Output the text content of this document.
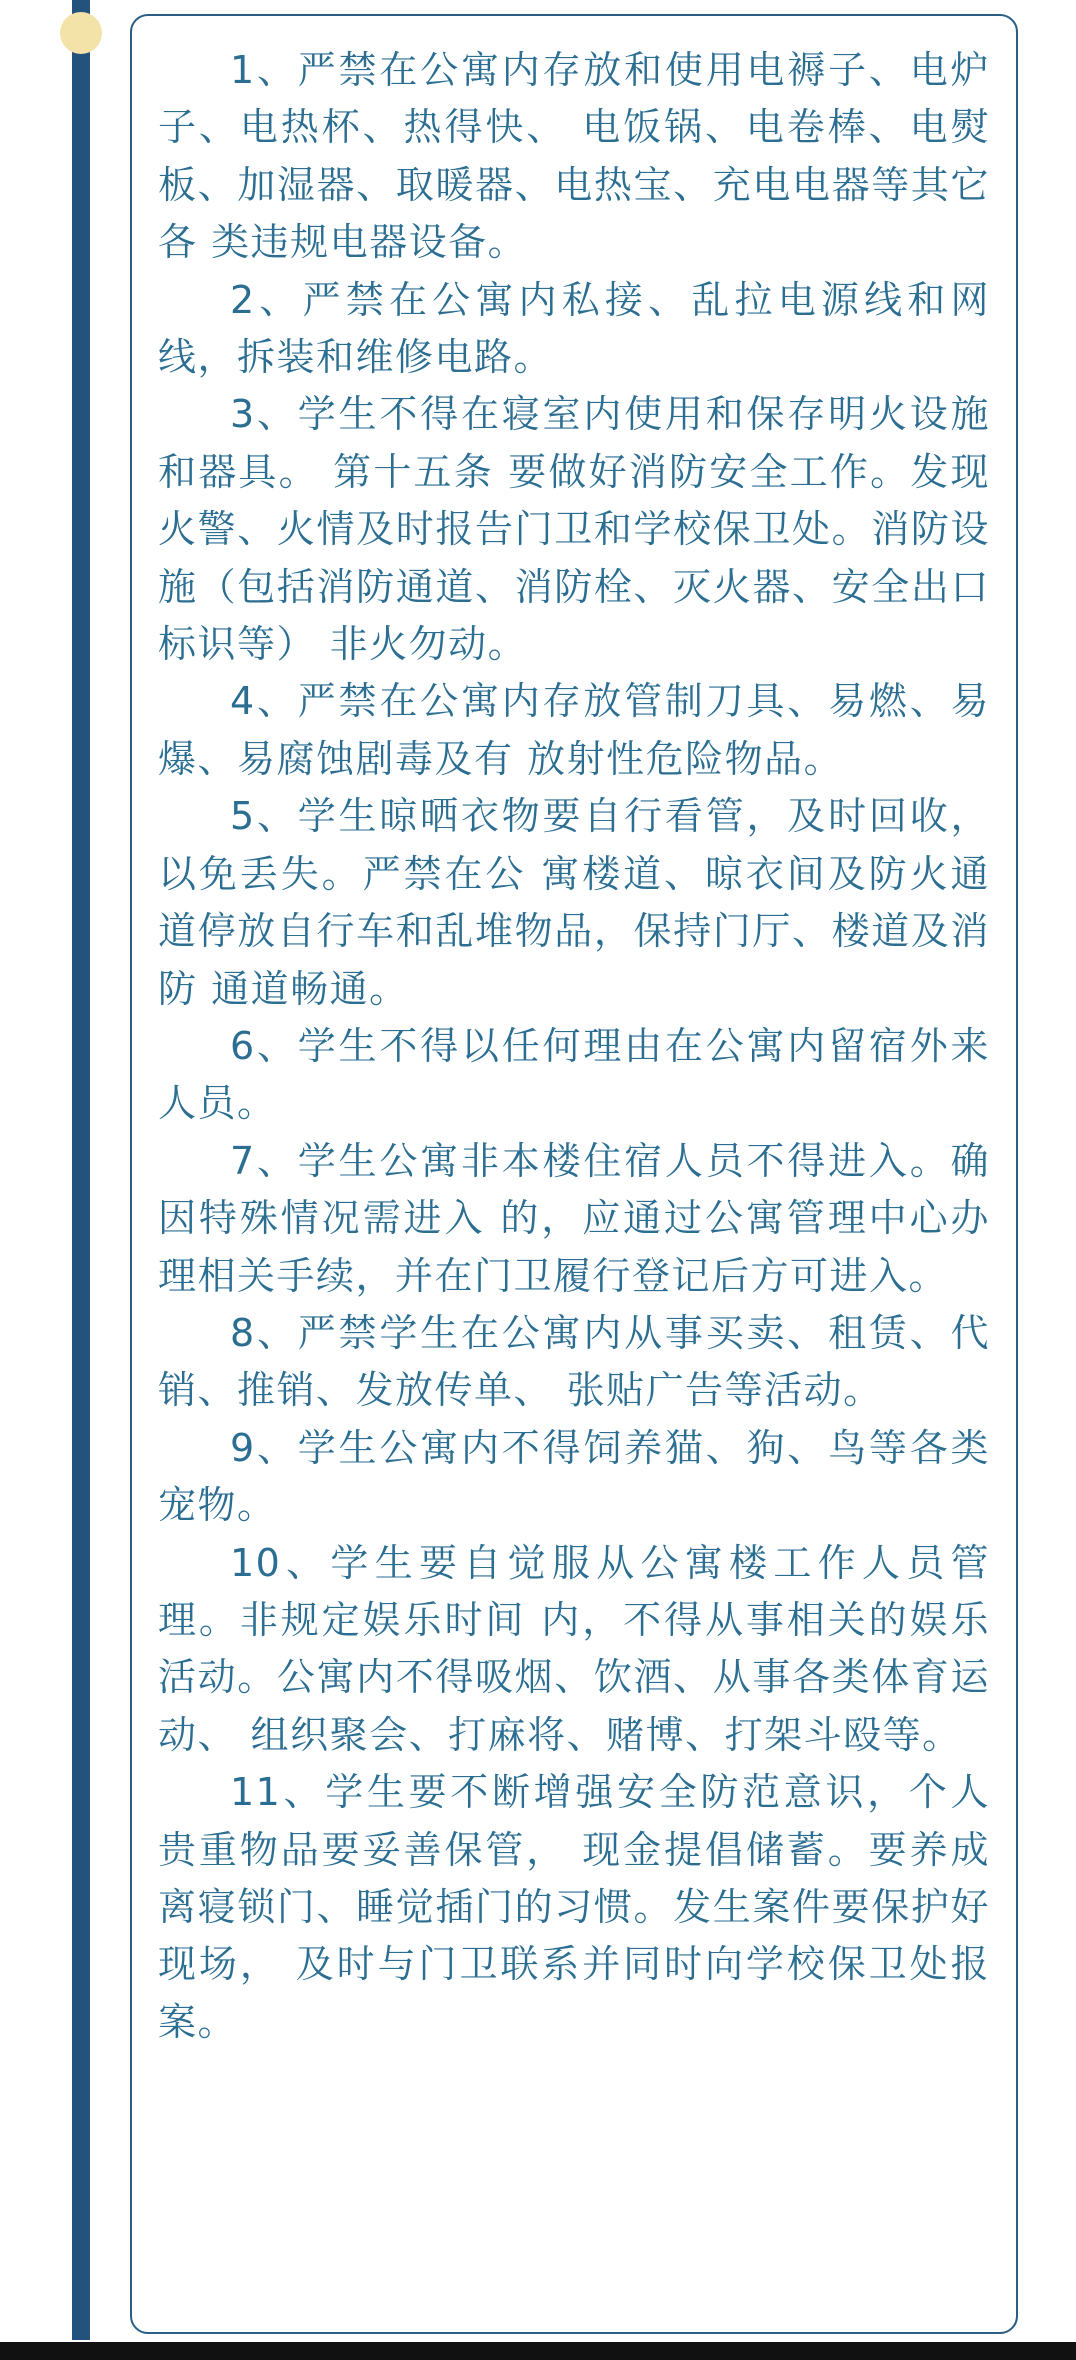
1、严禁在公寓内存放和使用电褥子、电炉子、电热杯、热得快、 电饭锅、电卷棒、电熨板、加湿器、取暖器、电热宝、充电电器等其它各 类违规电器设备。

2、严禁在公寓内私接、乱拉电源线和网线，拆装和维修电路。

3、学生不得在寝室内使用和保存明火设施和器具。 第十五条 要做好消防安全工作。发现火警、火情及时报告门卫和学校保卫处。消防设施（包括消防通道、消防栓、灭火器、安全出口标识等） 非火勿动。

4、严禁在公寓内存放管制刀具、易燃、易爆、易腐蚀剧毒及有 放射性危险物品。

5、学生晾晒衣物要自行看管，及时回收，以免丢失。严禁在公 寓楼道、晾衣间及防火通道停放自行车和乱堆物品，保持门厅、楼道及消防 通道畅通。

6、学生不得以任何理由在公寓内留宿外来人员。

7、学生公寓非本楼住宿人员不得进入。确因特殊情况需进入 的，应通过公寓管理中心办理相关手续，并在门卫履行登记后方可进入。

8、严禁学生在公寓内从事买卖、租赁、代销、推销、发放传单、 张贴广告等活动。

9、学生公寓内不得饲养猫、狗、鸟等各类宠物。

10、学生要自觉服从公寓楼工作人员管理。非规定娱乐时间 内，不得从事相关的娱乐活动。公寓内不得吸烟、饮酒、从事各类体育运动、 组织聚会、打麻将、赌博、打架斗殴等。

11、学生要不断增强安全防范意识，个人贵重物品要妥善保管， 现金提倡储蓄。要养成离寝锁门、睡觉插门的习惯。发生案件要保护好现场， 及时与门卫联系并同时向学校保卫处报案。
